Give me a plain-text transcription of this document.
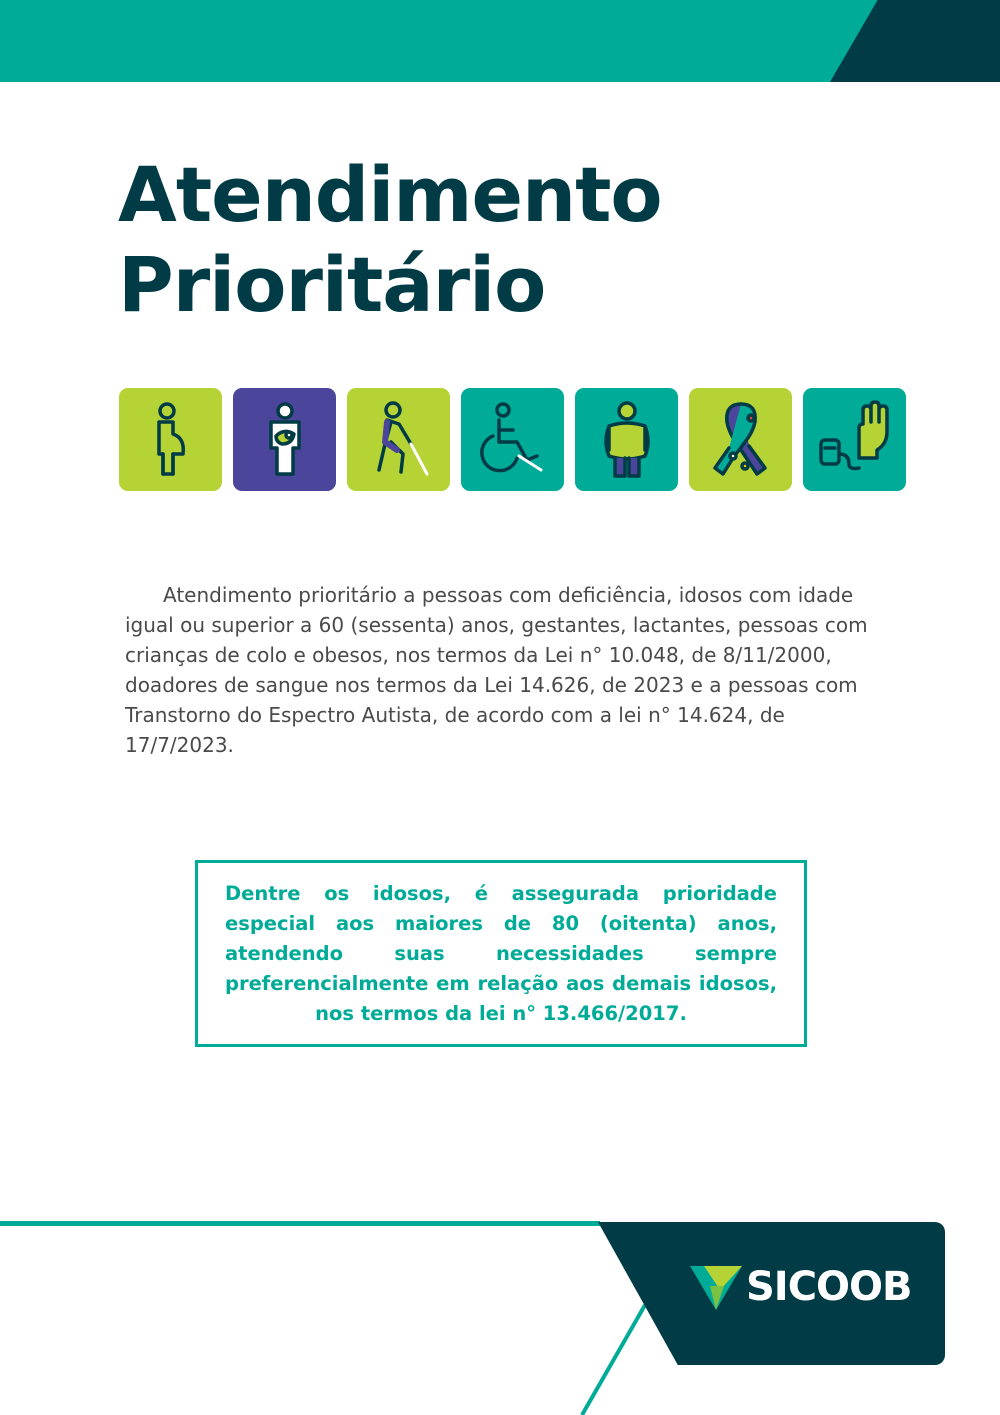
Atendimento
Prioritário

Atendimento prioritário a pessoas com deficiência, idosos com idade igual ou superior a 60 (sessenta) anos, gestantes, lactantes, pessoas com crianças de colo e obesos, nos termos da Lei n° 10.048, de 8/11/2000, doadores de sangue nos termos da Lei 14.626, de 2023 e a pessoas com Transtorno do Espectro Autista, de acordo com a lei n° 14.624, de 17/7/2023.

Dentre os idosos, é assegurada prioridade especial aos maiores de 80 (oitenta) anos, atendendo suas necessidades sempre preferencialmente em relação aos demais idosos, nos termos da lei n° 13.466/2017.

SICOOB
